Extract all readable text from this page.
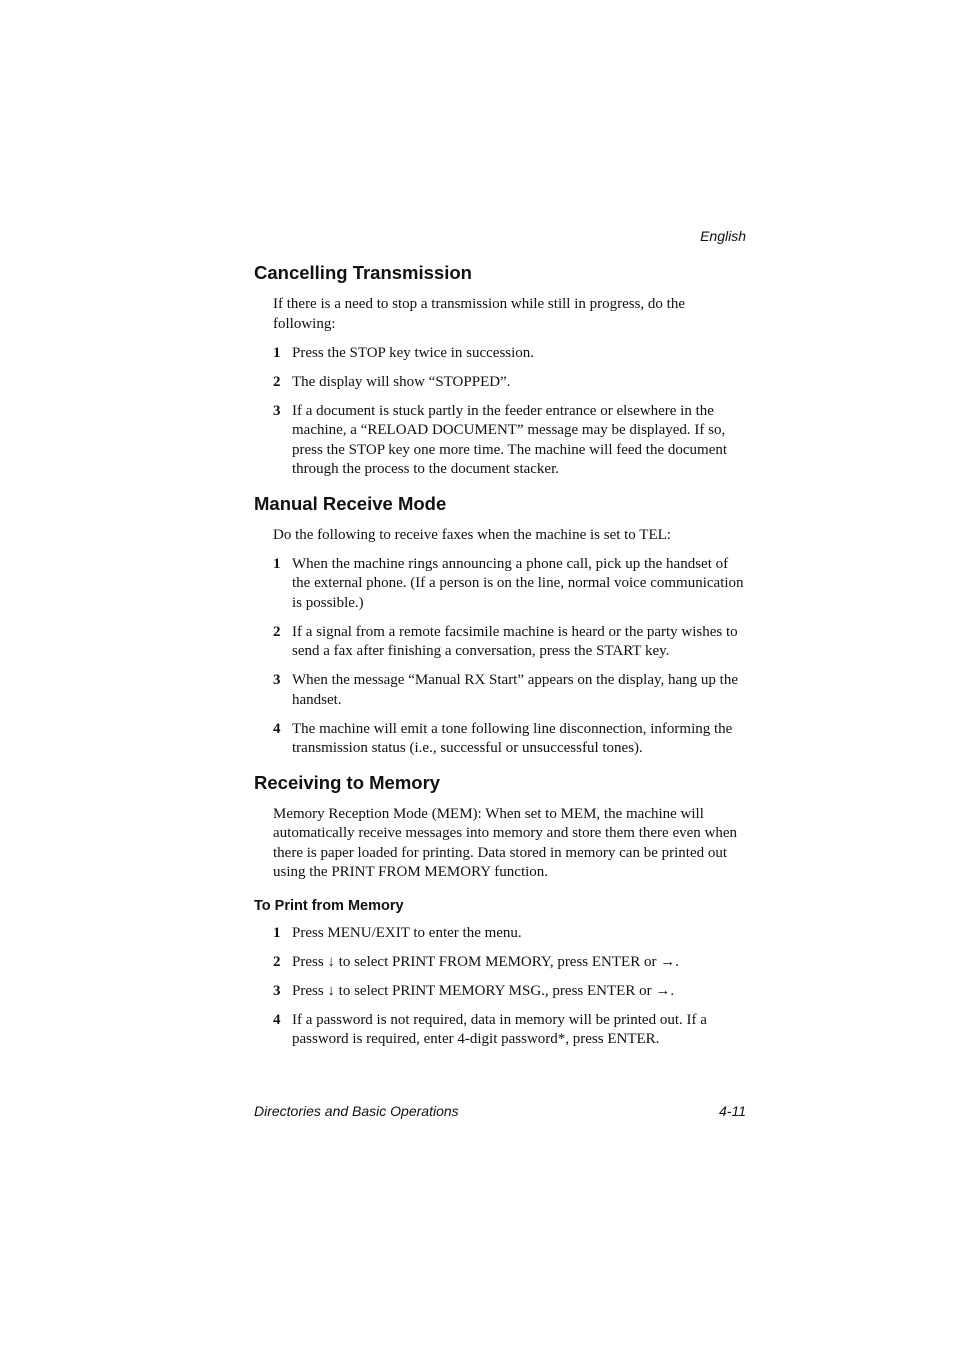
English
Cancelling Transmission

If there is a need to stop a transmission while still in progress, do the following:

1 Press the STOP key twice in succession.
2 The display will show “STOPPED”.
3 If a document is stuck partly in the feeder entrance or elsewhere in the machine, a “RELOAD DOCUMENT” message may be displayed. If so, press the STOP key one more time. The machine will feed the document through the process to the document stacker.
Manual Receive Mode

Do the following to receive faxes when the machine is set to TEL:

1 When the machine rings announcing a phone call, pick up the handset of the external phone. (If a person is on the line, normal voice communication is possible.)
2 If a signal from a remote facsimile machine is heard or the party wishes to send a fax after finishing a conversation, press the START key.
3 When the message “Manual RX Start” appears on the display, hang up the handset.
4 The machine will emit a tone following line disconnection, informing the transmission status (i.e., successful or unsuccessful tones).
Receiving to Memory

Memory Reception Mode (MEM): When set to MEM, the machine will automatically receive messages into memory and store them there even when there is paper loaded for printing. Data stored in memory can be printed out using the PRINT FROM MEMORY function.

To Print from Memory
1 Press MENU/EXIT to enter the menu.
2 Press ↓ to select PRINT FROM MEMORY, press ENTER or →.
3 Press ↓ to select PRINT MEMORY MSG., press ENTER or →.
4 If a password is not required, data in memory will be printed out. If a password is required, enter 4-digit password*, press ENTER.
Directories and Basic Operations	4-11
